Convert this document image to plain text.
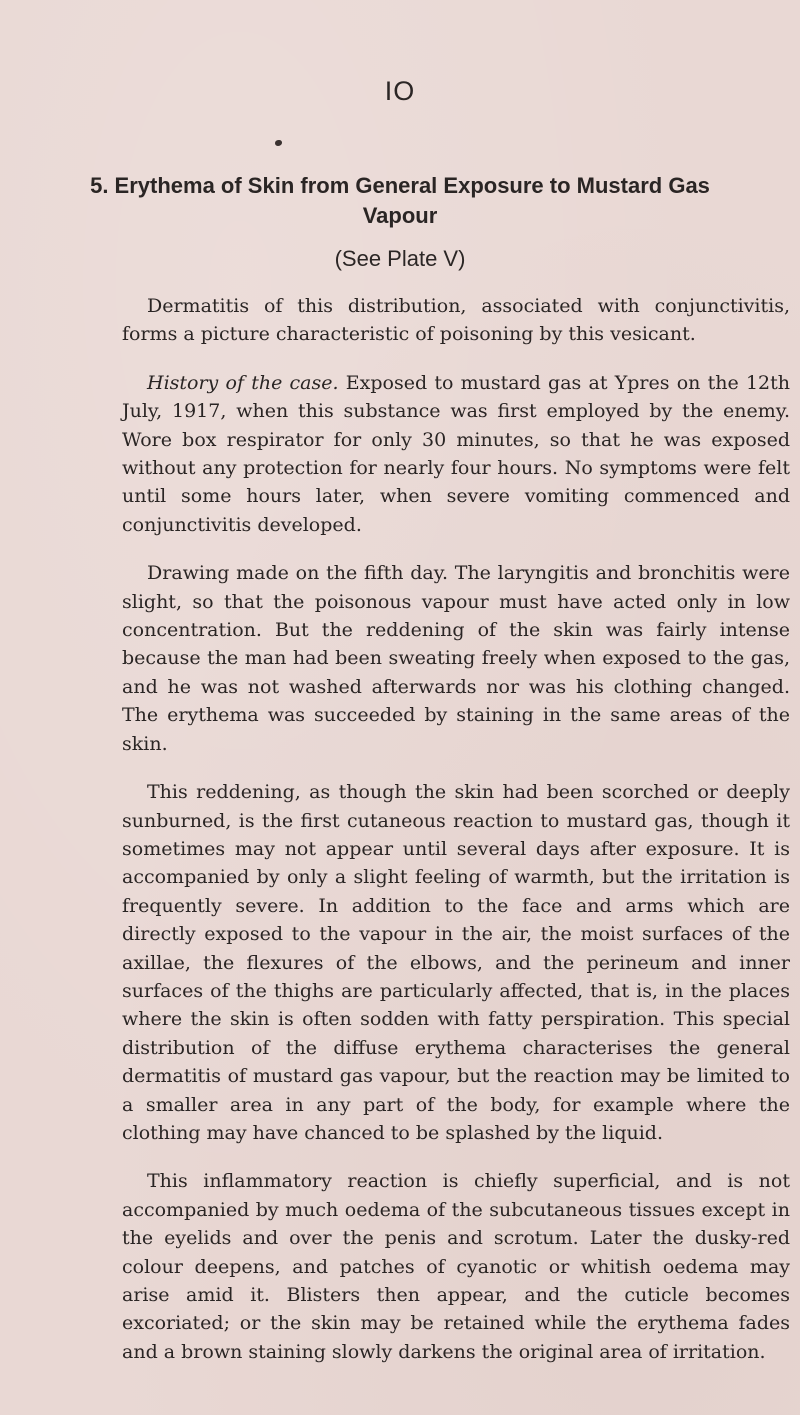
IO
5. Erythema of Skin from General Exposure to Mustard Gas
Vapour
(See Plate V)

Dermatitis of this distribution, associated with conjunctivitis, forms a picture characteristic of poisoning by this vesicant.

History of the case. Exposed to mustard gas at Ypres on the 12th July, 1917, when this substance was first employed by the enemy. Wore box respirator for only 30 minutes, so that he was exposed without any protection for nearly four hours. No symptoms were felt until some hours later, when severe vomiting commenced and conjunctivitis developed.

Drawing made on the fifth day. The laryngitis and bronchitis were slight, so that the poisonous vapour must have acted only in low concentration. But the reddening of the skin was fairly intense because the man had been sweating freely when exposed to the gas, and he was not washed afterwards nor was his clothing changed. The erythema was succeeded by staining in the same areas of the skin.

This reddening, as though the skin had been scorched or deeply sunburned, is the first cutaneous reaction to mustard gas, though it sometimes may not appear until several days after exposure. It is accompanied by only a slight feeling of warmth, but the irritation is frequently severe. In addition to the face and arms which are directly exposed to the vapour in the air, the moist surfaces of the axillae, the flexures of the elbows, and the perineum and inner surfaces of the thighs are particularly affected, that is, in the places where the skin is often sodden with fatty perspiration. This special distribution of the diffuse erythema characterises the general dermatitis of mustard gas vapour, but the reaction may be limited to a smaller area in any part of the body, for example where the clothing may have chanced to be splashed by the liquid.

This inflammatory reaction is chiefly superficial, and is not accompanied by much oedema of the subcutaneous tissues except in the eyelids and over the penis and scrotum. Later the dusky-red colour deepens, and patches of cyanotic or whitish oedema may arise amid it. Blisters then appear, and the cuticle becomes excoriated; or the skin may be retained while the erythema fades and a brown staining slowly darkens the original area of irritation.
